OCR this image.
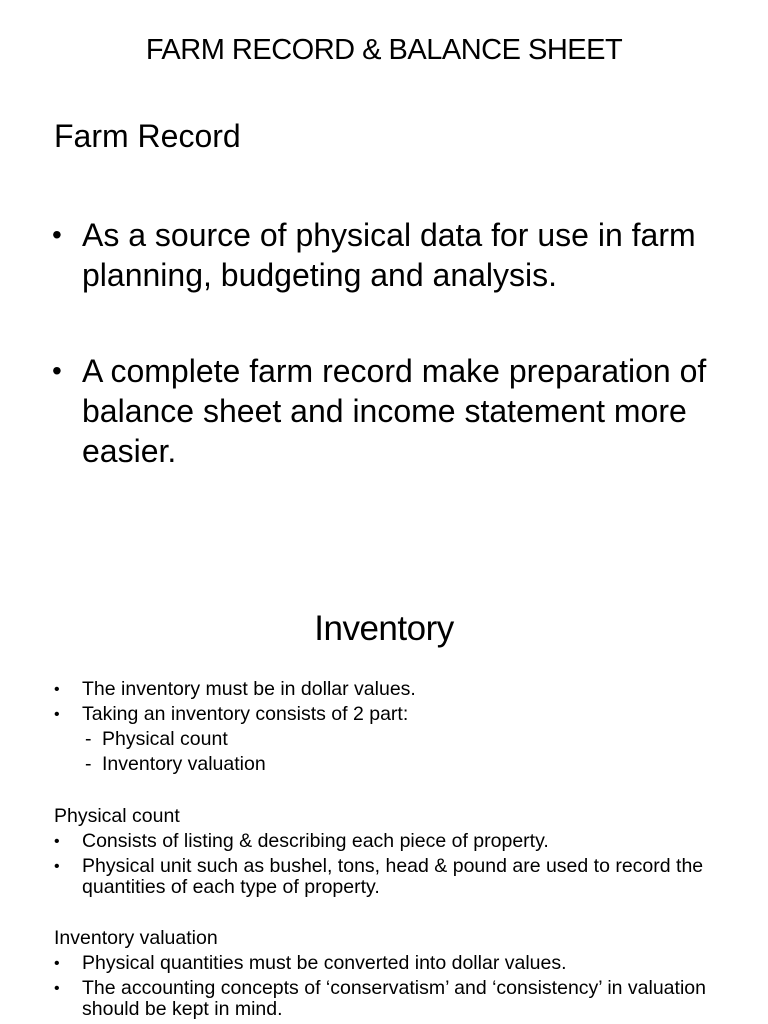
FARM RECORD & BALANCE SHEET
Farm Record
• As a source of physical data for use in farm planning, budgeting and analysis.
• A complete farm record make preparation of balance sheet and income statement more easier.
Inventory
• The inventory must be in dollar values.
• Taking an inventory consists of 2 part:
- Physical count
- Inventory valuation
Physical count
• Consists of listing & describing each piece of property.
• Physical unit such as bushel, tons, head & pound are used to record the quantities of each type of property.
Inventory valuation
• Physical quantities must be converted into dollar values.
• The accounting concepts of ‘conservatism’ and ‘consistency’ in valuation should be kept in mind.
